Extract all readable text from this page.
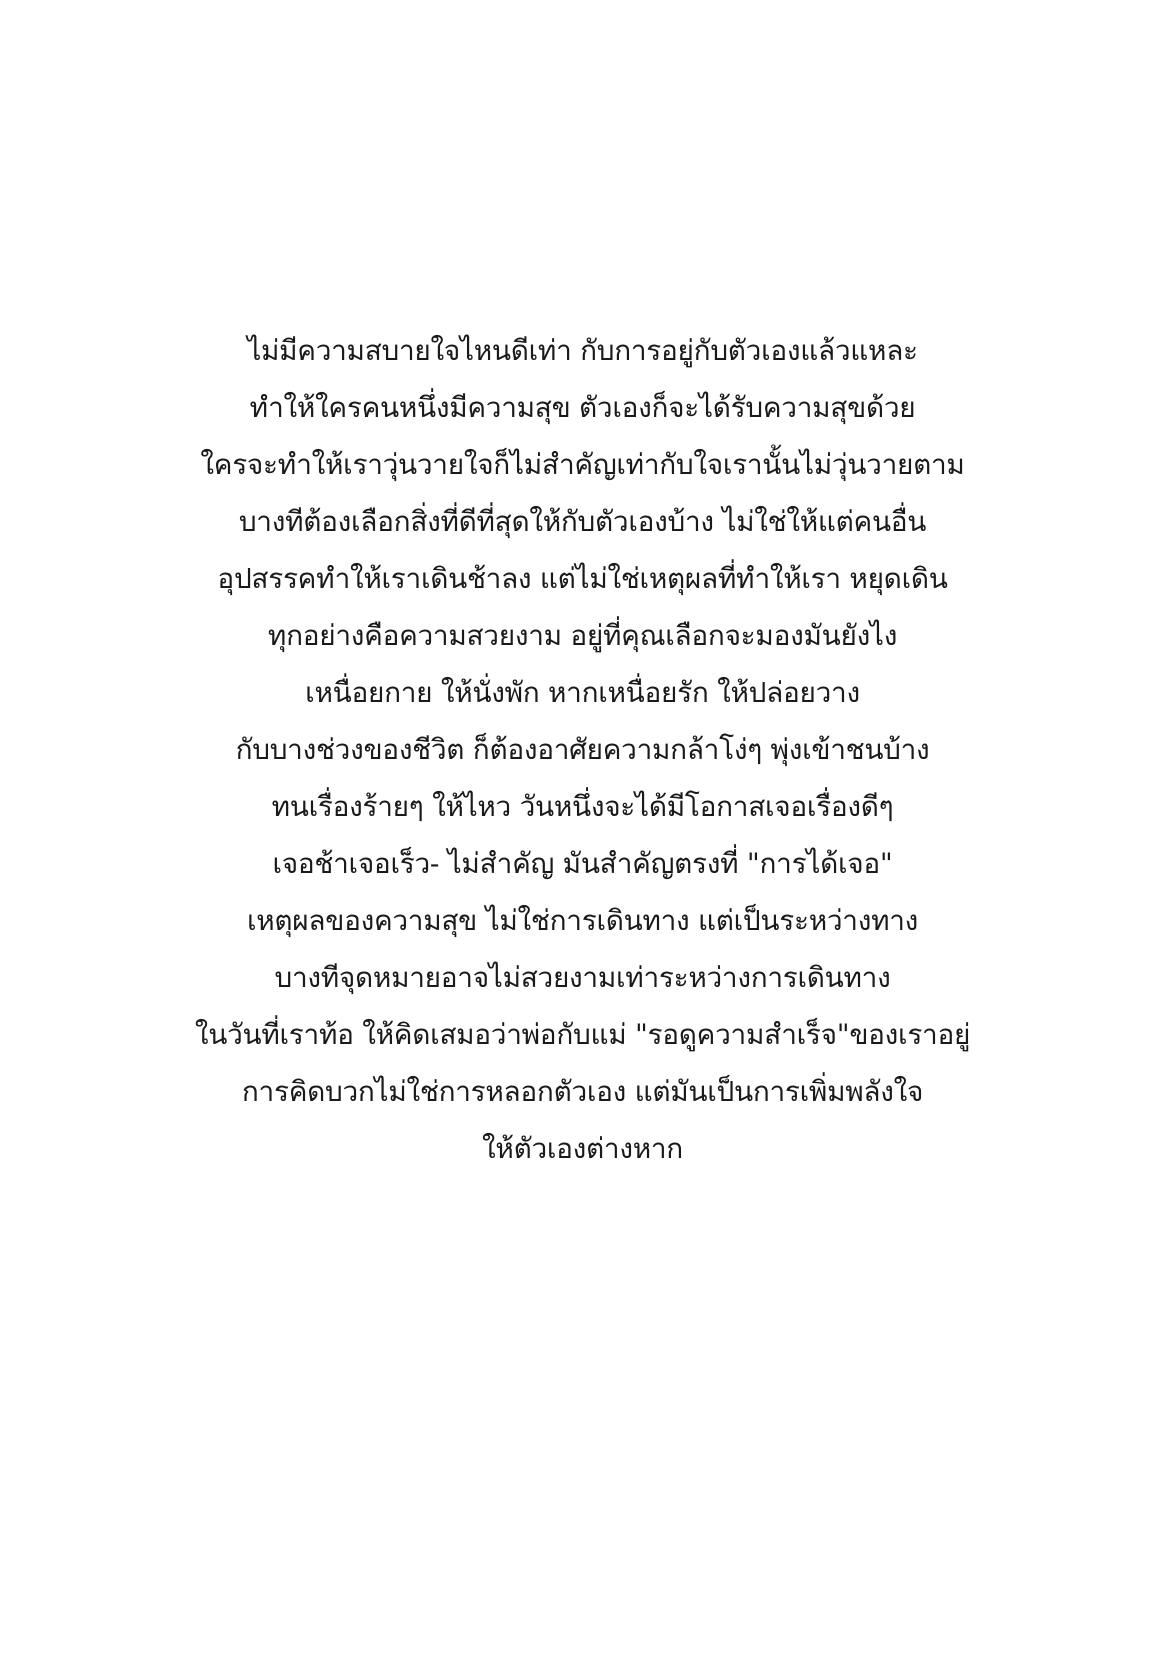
ไม่มีความสบายใจไหนดีเท่า กับการอยู่กับตัวเองแล้วแหละ
ทำให้ใครคนหนึ่งมีความสุข ตัวเองก็จะได้รับความสุขด้วย
ใครจะทำให้เราวุ่นวายใจก็ไม่สำคัญเท่ากับใจเรานั้นไม่วุ่นวายตาม
บางทีต้องเลือกสิ่งที่ดีที่สุดให้กับตัวเองบ้าง ไม่ใช่ให้แต่คนอื่น
อุปสรรคทำให้เราเดินช้าลง แต่ไม่ใช่เหตุผลที่ทำให้เรา หยุดเดิน
ทุกอย่างคือความสวยงาม อยู่ที่คุณเลือกจะมองมันยังไง
เหนื่อยกาย ให้นั่งพัก หากเหนื่อยรัก ให้ปล่อยวาง
กับบางช่วงของชีวิต ก็ต้องอาศัยความกล้าโง่ๆ พุ่งเข้าชนบ้าง
ทนเรื่องร้ายๆ ให้ไหว วันหนึ่งจะได้มีโอกาสเจอเรื่องดีๆ
เจอช้าเจอเร็ว- ไม่สำคัญ มันสำคัญตรงที่ "การได้เจอ"
เหตุผลของความสุข ไม่ใช่การเดินทาง แต่เป็นระหว่างทาง
บางทีจุดหมายอาจไม่สวยงามเท่าระหว่างการเดินทาง
ในวันที่เราท้อ ให้คิดเสมอว่าพ่อกับแม่ "รอดูความสำเร็จ"ของเราอยู่
การคิดบวกไม่ใช่การหลอกตัวเอง แต่มันเป็นการเพิ่มพลังใจ
ให้ตัวเองต่างหาก
